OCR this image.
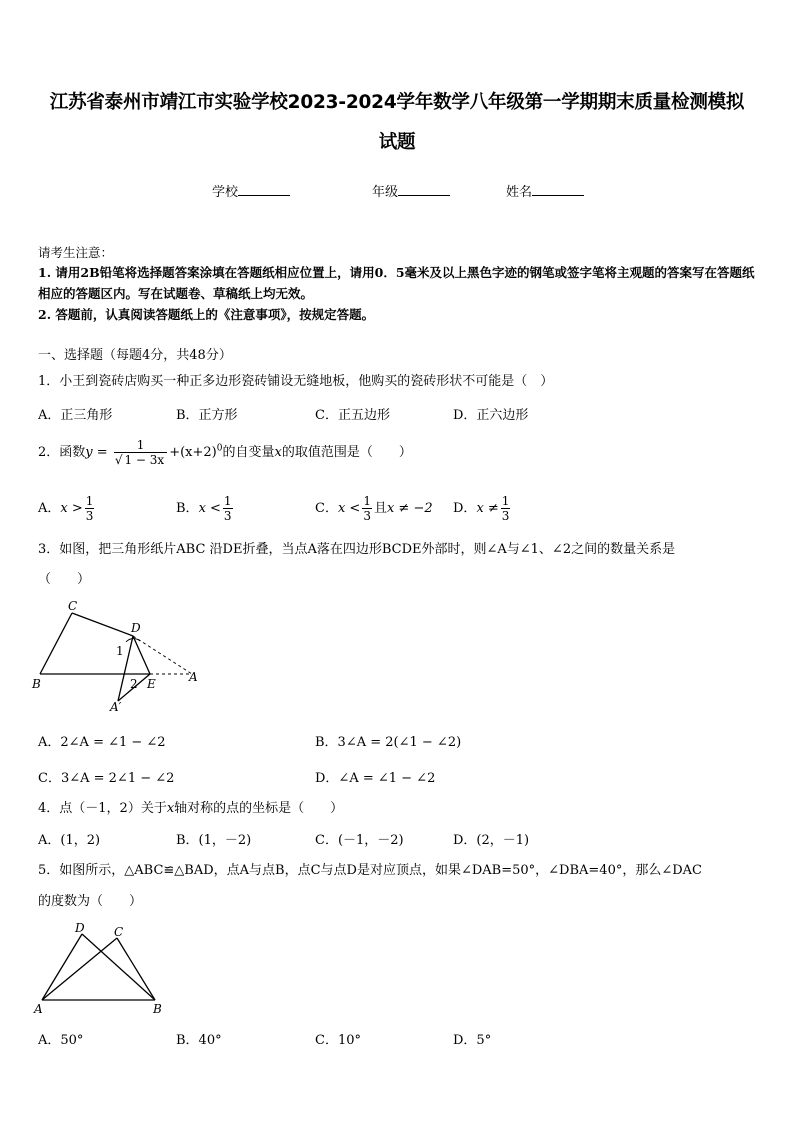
江苏省泰州市靖江市实验学校2023-2024学年数学八年级第一学期期末质量检测模拟
试题
学校	年级	姓名
请考生注意：
1. 请用2B铅笔将选择题答案涂填在答题纸相应位置上，请用0．5毫米及以上黑色字迹的钢笔或签字笔将主观题的答案写在答题纸相应的答题区内。写在试题卷、草稿纸上均无效。
2. 答题前，认真阅读答题纸上的《注意事项》，按规定答题。
一、选择题（每题4分，共48分）
1．小王到瓷砖店购买一种正多边形瓷砖铺设无缝地板，他购买的瓷砖形状不可能是（　）
A．正三角形	B．正方形	C．正五边形	D．正六边形
2．函数$y = \frac{1}{√ 1 - 3x} +(x+2)^0$的自变量x的取值范围是（　　）
A．$x > \frac{1}{3}$	B．$x < \frac{1}{3}$	C．$x < \frac{1}{3}$ 且x ≠ −2 D．$x \ne \frac{1}{3}$
3．如图，把三角形纸片ABC 沿DE折叠，当点A落在四边形BCDE外部时，则∠A与∠1、∠2之间的数量关系是
（　　）
C
D
B	E	A
A′
1
2
A．2∠A = ∠1 − ∠2	B．3∠A = 2(∠1 − ∠2)
C．3∠A = 2∠1 − ∠2	D．∠A = ∠1 − ∠2
4．点（－1，2）关于x轴对称的点的坐标是（　　）
A．(1，2)	B．(1，－2)	C．(－1，－2)	D．(2，－1)
5．如图所示，△ABC≌△BAD，点A与点B，点C与点D是对应顶点，如果∠DAB=50°，∠DBA=40°，那么∠DAC
的度数为（　　）
D C
A	B
A．50°	B．40°	C．10°	D．5°
